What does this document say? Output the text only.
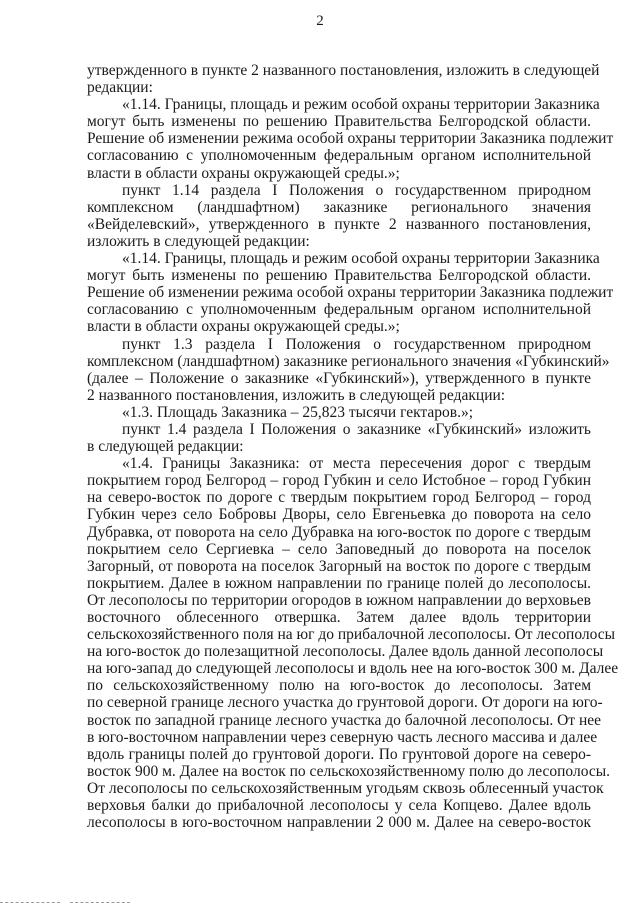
2
утвержденного в пункте 2 названного постановления, изложить в следующей
редакции:
«1.14. Границы, площадь и режим особой охраны территории Заказника
могут быть изменены по решению Правительства Белгородской области.
Решение об изменении режима особой охраны территории Заказника подлежит
согласованию с уполномоченным федеральным органом исполнительной
власти в области охраны окружающей среды.»;
пункт 1.14 раздела I Положения о государственном природном
комплексном (ландшафтном) заказнике регионального значения
«Вейделевский», утвержденного в пункте 2 названного постановления,
изложить в следующей редакции:
«1.14. Границы, площадь и режим особой охраны территории Заказника
могут быть изменены по решению Правительства Белгородской области.
Решение об изменении режима особой охраны территории Заказника подлежит
согласованию с уполномоченным федеральным органом исполнительной
власти в области охраны окружающей среды.»;
пункт 1.3 раздела I Положения о государственном природном
комплексном (ландшафтном) заказнике регионального значения «Губкинский»
(далее – Положение о заказнике «Губкинский»), утвержденного в пункте
2 названного постановления, изложить в следующей редакции:
«1.3. Площадь Заказника – 25,823 тысячи гектаров.»;
пункт 1.4 раздела I Положения о заказнике «Губкинский» изложить
в следующей редакции:
«1.4. Границы Заказника: от места пересечения дорог с твердым
покрытием город Белгород – город Губкин и село Истобное – город Губкин
на северо-восток по дороге с твердым покрытием город Белгород – город
Губкин через село Бобровы Дворы, село Евгеньевка до поворота на село
Дубравка, от поворота на село Дубравка на юго-восток по дороге с твердым
покрытием село Сергиевка – село Заповедный до поворота на поселок
Загорный, от поворота на поселок Загорный на восток по дороге с твердым
покрытием. Далее в южном направлении по границе полей до лесополосы.
От лесополосы по территории огородов в южном направлении до верховьев
восточного облесенного отвершка. Затем далее вдоль территории
сельскохозяйственного поля на юг до прибалочной лесополосы. От лесополосы
на юго-восток до полезащитной лесополосы. Далее вдоль данной лесополосы
на юго-запад до следующей лесополосы и вдоль нее на юго-восток 300 м. Далее
по сельскохозяйственному полю на юго-восток до лесополосы. Затем
по северной границе лесного участка до грунтовой дороги. От дороги на юго-
восток по западной границе лесного участка до балочной лесополосы. От нее
в юго-восточном направлении через северную часть лесного массива и далее
вдоль границы полей до грунтовой дороги. По грунтовой дороге на северо-
восток 900 м. Далее на восток по сельскохозяйственному полю до лесополосы.
От лесополосы по сельскохозяйственным угодьям сквозь облесенный участок
верховья балки до прибалочной лесополосы у села Копцево. Далее вдоль
лесополосы в юго-восточном направлении 2 000 м. Далее на северо-восток
